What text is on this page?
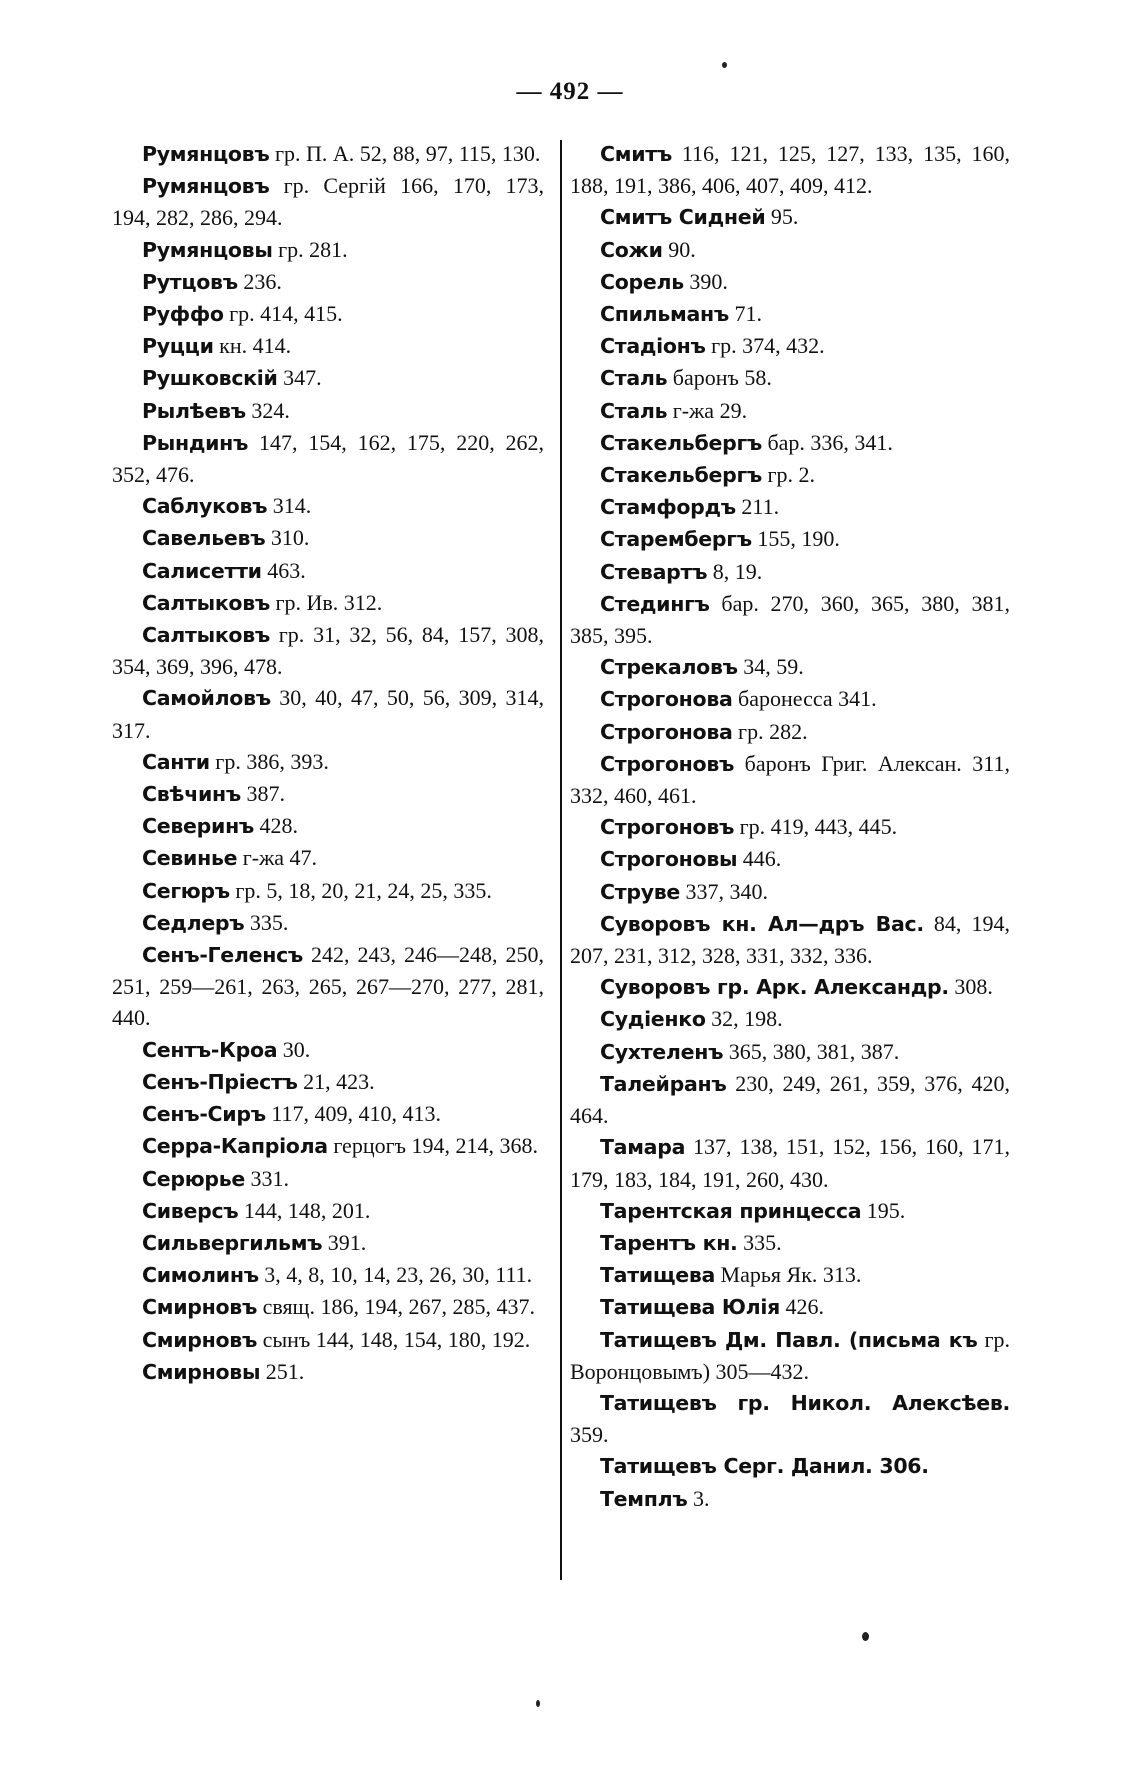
— 492 —

Румянцовъ гр. П. А. 52, 88, 97, 115, 130.

Румянцовъ гр. Сергій 166, 170, 173, 194, 282, 286, 294.

Румянцовы гр. 281.

Рутцовъ 236.

Руффо гр. 414, 415.

Руцци кн. 414.

Рушковскій 347.

Рылѣевъ 324.

Рындинъ 147, 154, 162, 175, 220, 262, 352, 476.

Саблуковъ 314.

Савельевъ 310.

Салисетти 463.

Салтыковъ гр. Ив. 312.

Салтыковъ гр. 31, 32, 56, 84, 157, 308, 354, 369, 396, 478.

Самойловъ 30, 40, 47, 50, 56, 309, 314, 317.

Санти гр. 386, 393.

Свѣчинъ 387.

Северинъ 428.

Севинье г-жа 47.

Сегюръ гр. 5, 18, 20, 21, 24, 25, 335.

Седлеръ 335.

Сенъ-Геленсъ 242, 243, 246—248, 250, 251, 259—261, 263, 265, 267—270, 277, 281, 440.

Сентъ-Кроа 30.

Сенъ-Пріестъ 21, 423.

Сенъ-Сиръ 117, 409, 410, 413.

Серра-Капріола герцогъ 194, 214, 368.

Серюрье 331.

Сиверсъ 144, 148, 201.

Сильвергильмъ 391.

Симолинъ 3, 4, 8, 10, 14, 23, 26, 30, 111.

Смирновъ свящ. 186, 194, 267, 285, 437.

Смирновъ сынъ 144, 148, 154, 180, 192.

Смирновы 251.

Смитъ 116, 121, 125, 127, 133, 135, 160, 188, 191, 386, 406, 407, 409, 412.

Смитъ Сидней 95.

Сожи 90.

Сорель 390.

Спильманъ 71.

Стадіонъ гр. 374, 432.

Сталь баронъ 58.

Сталь г-жа 29.

Стакельбергъ бар. 336, 341.

Стакельбергъ гр. 2.

Стамфордъ 211.

Старембергъ 155, 190.

Стевартъ 8, 19.

Стедингъ бар. 270, 360, 365, 380, 381, 385, 395.

Стрекаловъ 34, 59.

Строгонова баронесса 341.

Строгонова гр. 282.

Строгоновъ баронъ Григ. Алексан. 311, 332, 460, 461.

Строгоновъ гр. 419, 443, 445.

Строгоновы 446.

Струве 337, 340.

Суворовъ кн. Ал—дръ Вас. 84, 194, 207, 231, 312, 328, 331, 332, 336.

Суворовъ гр. Арк. Александр. 308.

Судіенко 32, 198.

Сухтеленъ 365, 380, 381, 387.

Талейранъ 230, 249, 261, 359, 376, 420, 464.

Тамара 137, 138, 151, 152, 156, 160, 171, 179, 183, 184, 191, 260, 430.

Тарентская принцесса 195.

Тарентъ кн. 335.

Татищева Марья Як. 313.

Татищева Юлія 426.

Татищевъ Дм. Павл. (письма къ гр. Воронцовымъ) 305—432.

Татищевъ гр. Никол. Алексѣев. 359.

Татищевъ Серг. Данил. 306.

Темплъ 3.
